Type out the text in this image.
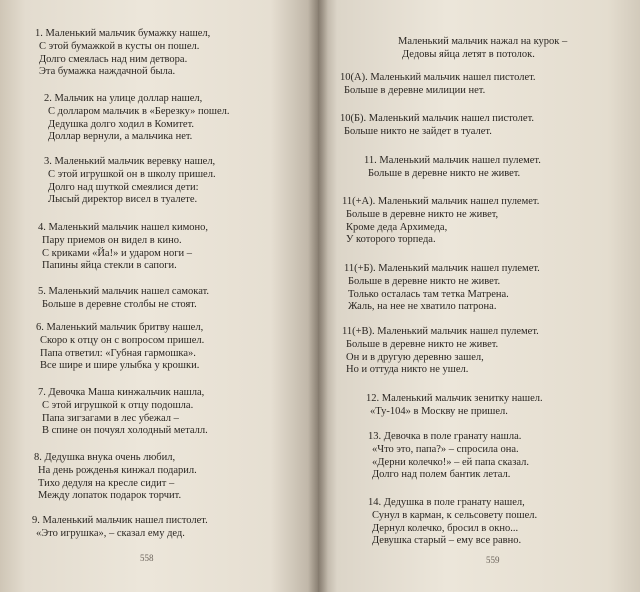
1. Маленький мальчик бумажку нашел,
С этой бумажкой в кусты он пошел.
Долго смеялась над ним детвора.
Эта бумажка наждачной была.
2. Мальчик на улице доллар нашел,
С долларом мальчик в «Березку» пошел.
Дедушка долго ходил в Комитет.
Доллар вернули, а мальчика нет.
3. Маленький мальчик веревку нашел,
С этой игрушкой он в школу пришел.
Долго над шуткой смеялися дети:
Лысый директор висел в туалете.
4. Маленький мальчик нашел кимоно,
Пару приемов он видел в кино.
С криками «Йа!» и ударом ноги –
Папины яйца стекли в сапоги.
5. Маленький мальчик нашел самокат.
Больше в деревне столбы не стоят.
6. Маленький мальчик бритву нашел,
Скоро к отцу он с вопросом пришел.
Папа ответил: «Губная гармошка».
Все шире и шире улыбка у крошки.
7. Девочка Маша кинжальчик нашла,
С этой игрушкой к отцу подошла.
Папа зигзагами в лес убежал –
В спине он почуял холодный металл.
8. Дедушка внука очень любил,
На день рожденья кинжал подарил.
Тихо дедуля на кресле сидит –
Между лопаток подарок торчит.
9. Маленький мальчик нашел пистолет.
«Это игрушка», – сказал ему дед.
558
Маленький мальчик нажал на курок –
Дедовы яйца летят в потолок.
10(А). Маленький мальчик нашел пистолет.
Больше в деревне милиции нет.
10(Б). Маленький мальчик нашел пистолет.
Больше никто не зайдет в туалет.
11. Маленький мальчик нашел пулемет.
Больше в деревне никто не живет.
11(+А). Маленький мальчик нашел пулемет.
Больше в деревне никто не живет,
Кроме деда Архимеда,
У которого торпеда.
11(+Б). Маленький мальчик нашел пулемет.
Больше в деревне никто не живет.
Только осталась там тетка Матрена.
Жаль, на нее не хватило патрона.
11(+В). Маленький мальчик нашел пулемет.
Больше в деревне никто не живет.
Он и в другую деревню зашел,
Но и оттуда никто не ушел.
12. Маленький мальчик зенитку нашел.
«Ту-104» в Москву не пришел.
13. Девочка в поле гранату нашла.
«Что это, папа?» – спросила она.
«Дерни колечко!» – ей папа сказал.
Долго над полем бантик летал.
14. Дедушка в поле гранату нашел,
Сунул в карман, к сельсовету пошел.
Дернул колечко, бросил в окно...
Девушка старый – ему все равно.
559
